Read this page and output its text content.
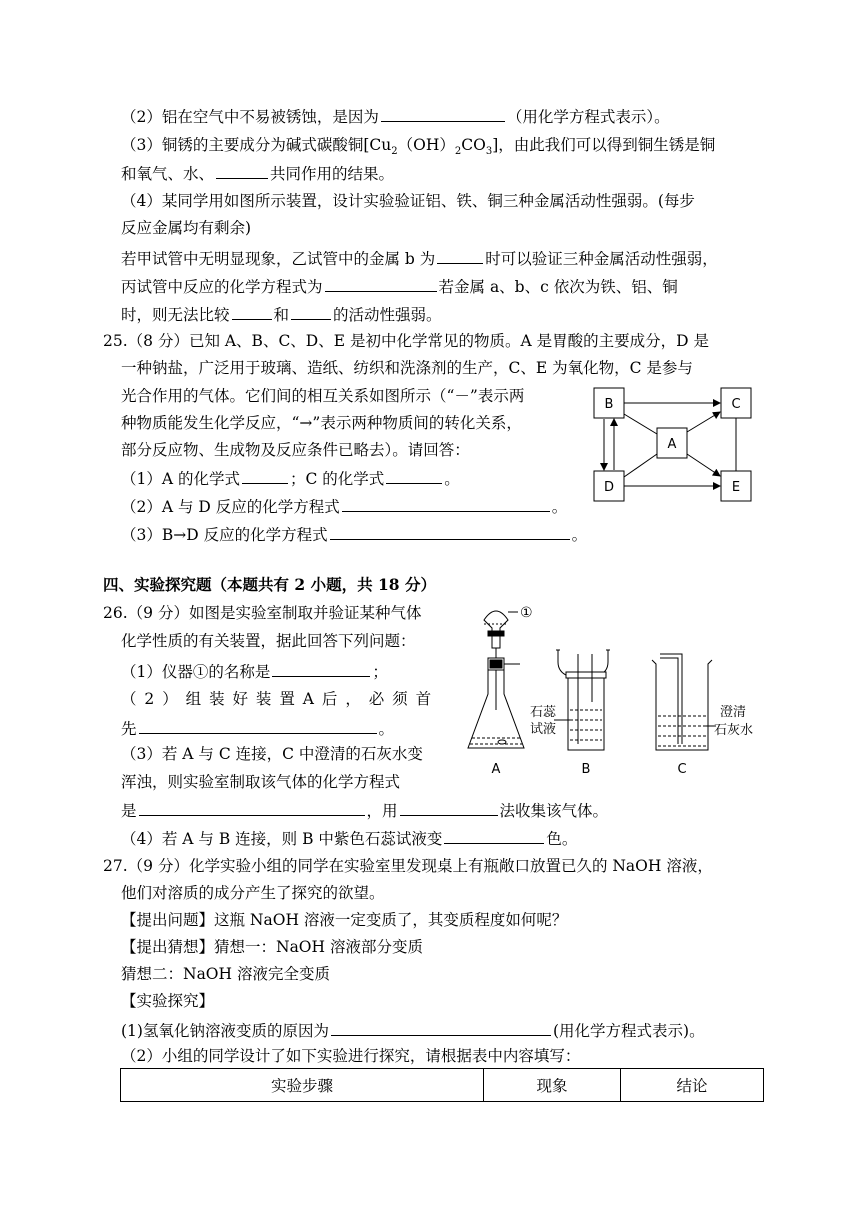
（2）铝在空气中不易被锈蚀，是因为	（用化学方程式表示）。
（3）铜锈的主要成分为碱式碳酸铜$[Cu_2(OH)_2CO_3]$，由此我们可以得到铜生锈是铜
和氧气、水、	共同作用的结果。
（4）某同学用如图所示装置，设计实验验证铝、铁、铜三种金属活动性强弱。(每步
反应金属均有剩余)
若甲试管中无明显现象，乙试管中的金属 b 为	时可以验证三种金属活动性强弱，
丙试管中反应的化学方程式为	若金属 a、b、c 依次为铁、铝、铜
时，则无法比较	和	的活动性强弱。
25.（8 分）已知 A、B、C、D、E 是初中化学常见的物质。A 是胃酸的主要成分，D 是
一种钠盐，广泛用于玻璃、造纸、纺织和洗涤剂的生产，C、E 为氧化物，C 是参与
光合作用的气体。它们间的相互关系如图所示（“－”表示两
种物质能发生化学反应，“→”表示两种物质间的转化关系，
部分反应物、生成物及反应条件已略去）。请回答：
（1）A 的化学式	；C 的化学式	。
（2）A 与 D 反应的化学方程式	。
（3）B→D 反应的化学方程式	。
B	C
A
D	E
四、实验探究题（本题共有 2 小题，共 18 分）
26.（9 分）如图是实验室制取并验证某种气体
化学性质的有关装置，据此回答下列问题：
（1）仪器①的名称是	；
（ 2 ） 组 装 好 装 置 A 后 ， 必 须 首
先	。
（3）若 A 与 C 连接，C 中澄清的石灰水变
浑浊，则实验室制取该气体的化学方程式
是	，用	法收集该气体。
（4）若 A 与 B 连接，则 B 中紫色石蕊试液变	色。
①
石蕊
试液
澄清
石灰水
A	B	C
27.（9 分）化学实验小组的同学在实验室里发现桌上有瓶敞口放置已久的 NaOH 溶液，
他们对溶质的成分产生了探究的欲望。
【提出问题】这瓶 NaOH 溶液一定变质了，其变质程度如何呢？
【提出猜想】猜想一：NaOH 溶液部分变质
猜想二：NaOH 溶液完全变质
【实验探究】
(1)氢氧化钠溶液变质的原因为	(用化学方程式表示)。
（2）小组的同学设计了如下实验进行探究，请根据表中内容填写：
实验步骤	现象	结论
